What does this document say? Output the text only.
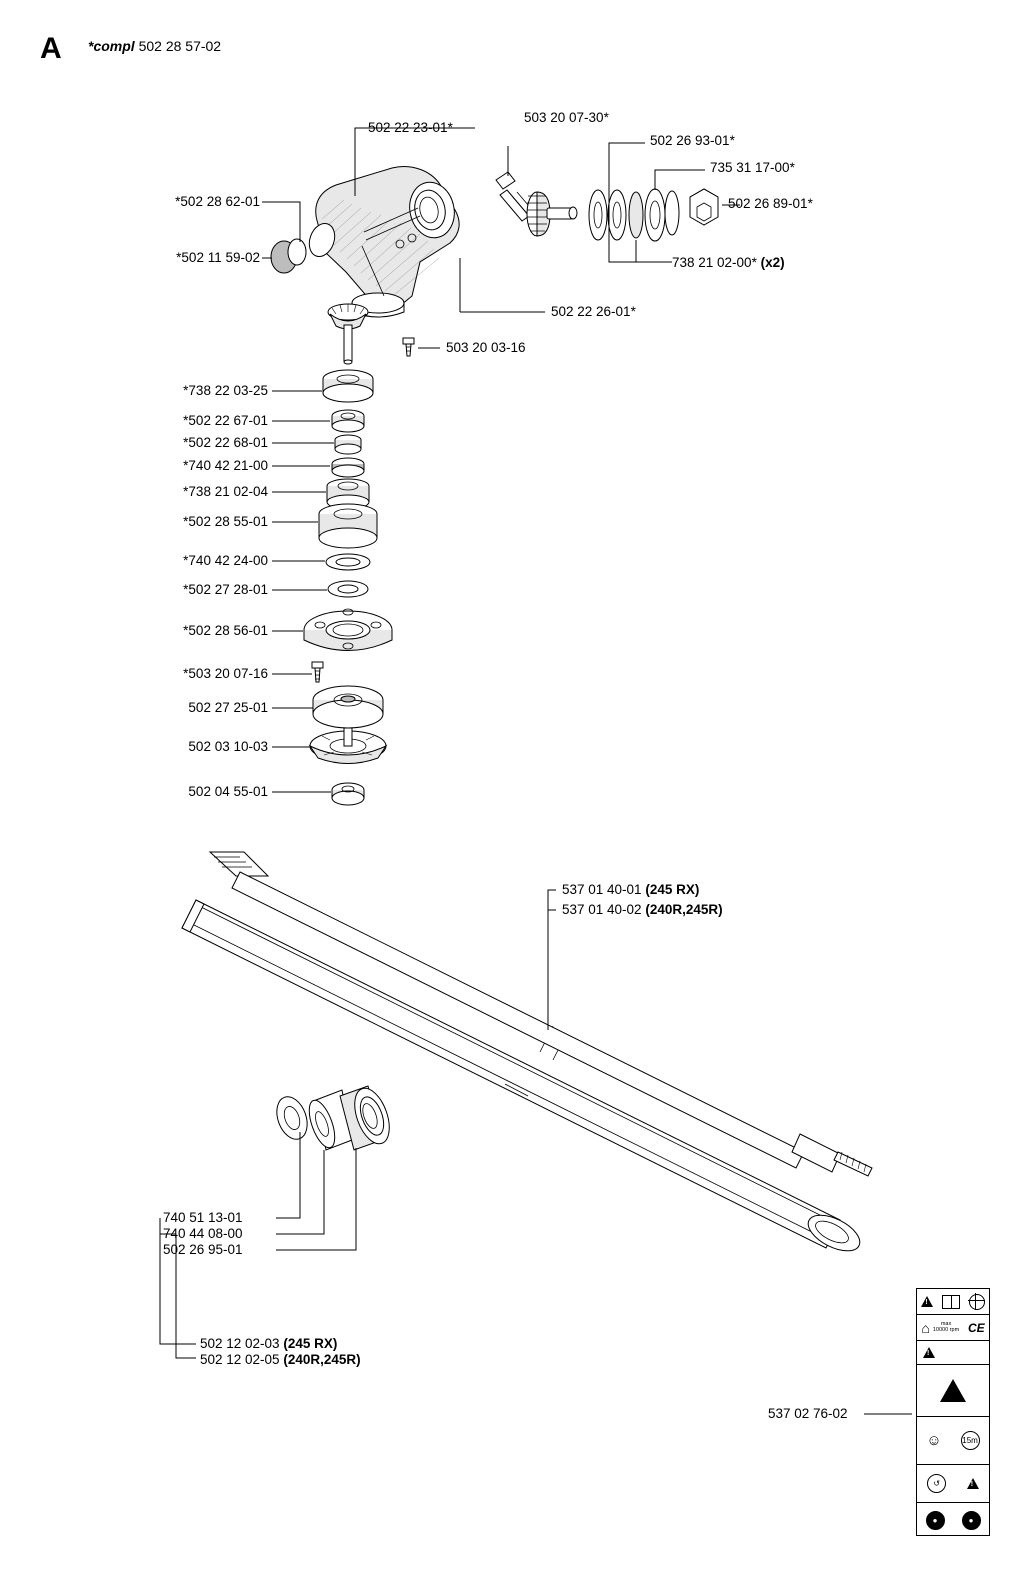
A *compl 502 28 57-02
502 22 23-01*
503 20 07-30*
502 26 93-01*
735 31 17-00*
502 26 89-01*
738 21 02-00* (x2)
*502 28 62-01
*502 11 59-02
502 22 26-01*
503 20 03-16
*738 22 03-25
*502 22 67-01
*502 22 68-01
*740 42 21-00
*738 21 02-04
*502 28 55-01
*740 42 24-00
*502 27 28-01
*502 28 56-01
*503 20 07-16
502 27 25-01
502 03 10-03
502 04 55-01
537 01 40-01 (245 RX)
537 01 40-02 (240R,245R)
740 51 13-01
740 44 08-00
502 26 95-01
502 12 02-03 (245 RX)
502 12 02-05 (240R,245R)
537 02 76-02
!
⌂	max
10000 rpm CE
!
!
☺	15m
↺
!
●	●
